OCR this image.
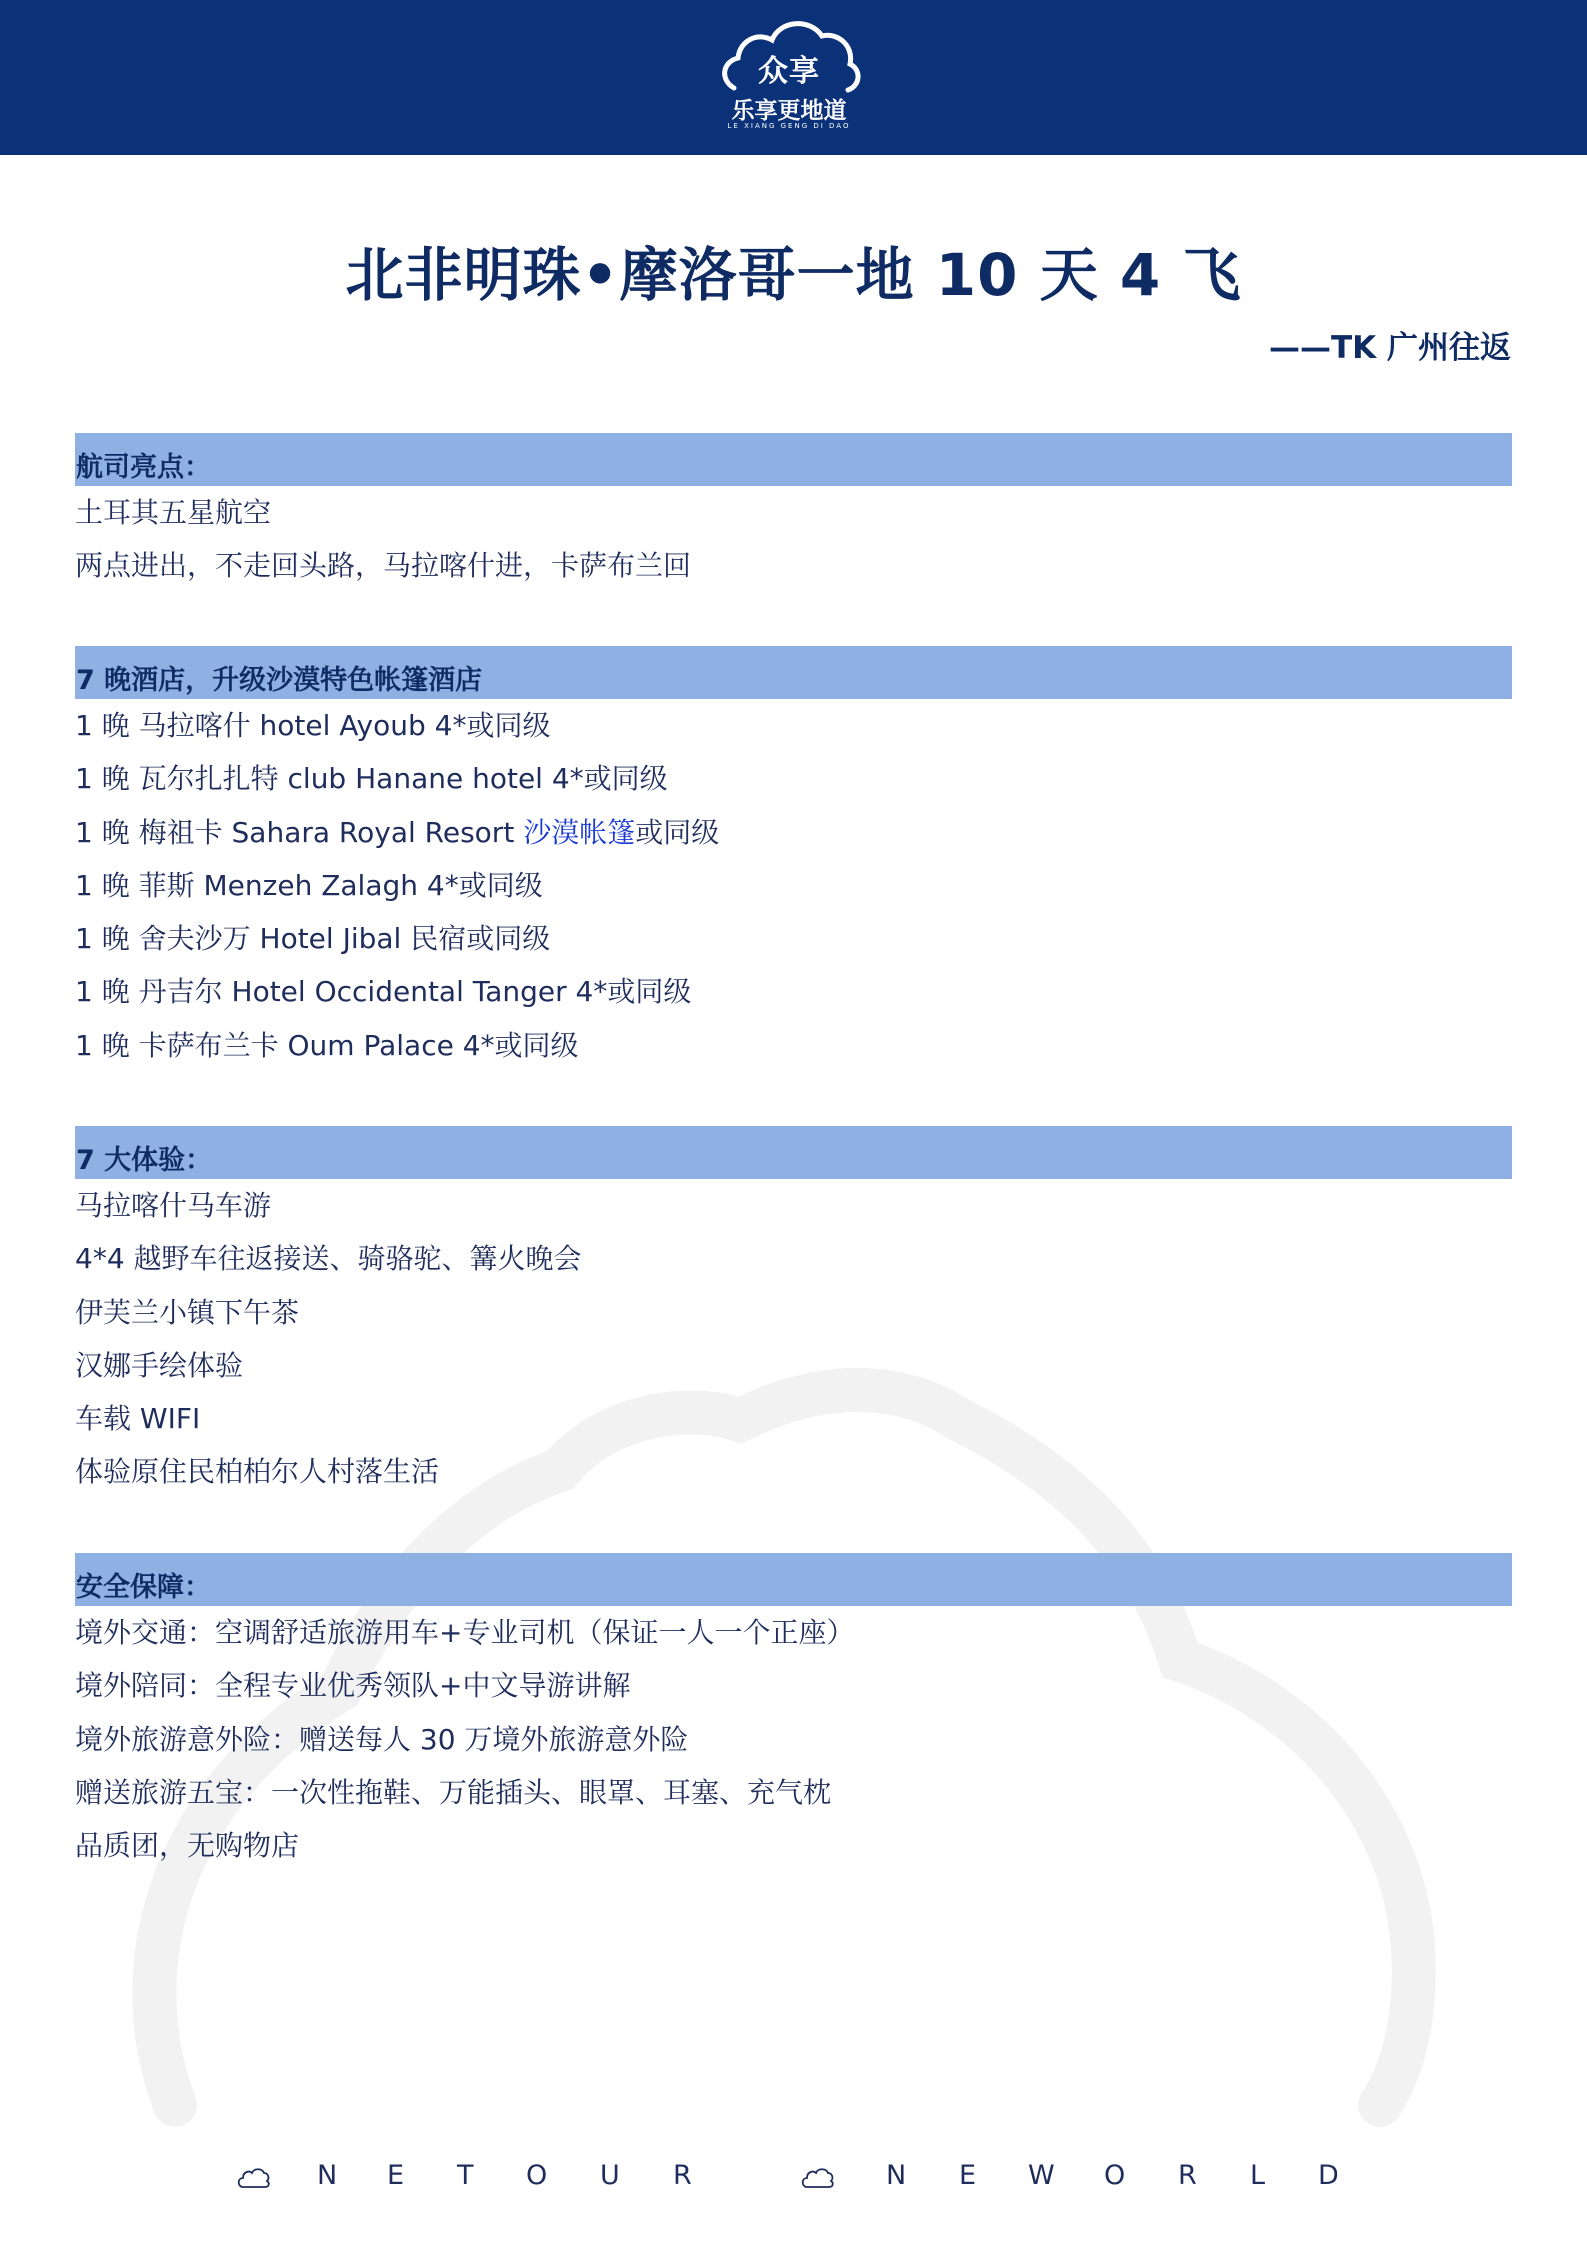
众享
乐享更地道
LE XIANG GENG DI DAO
北非明珠•摩洛哥一地 10 天 4 飞
——TK 广州往返
航司亮点：
土耳其五星航空
两点进出，不走回头路，马拉喀什进，卡萨布兰回
7 晚酒店，升级沙漠特色帐篷酒店
1 晚 马拉喀什 hotel Ayoub 4*或同级
1 晚 瓦尔扎扎特 club Hanane hotel 4*或同级
1 晚 梅祖卡 Sahara Royal Resort 沙漠帐篷或同级
1 晚 菲斯 Menzeh Zalagh 4*或同级
1 晚 舍夫沙万 Hotel Jibal 民宿或同级
1 晚 丹吉尔 Hotel Occidental Tanger 4*或同级
1 晚 卡萨布兰卡 Oum Palace 4*或同级
7 大体验：
马拉喀什马车游
4*4 越野车往返接送、骑骆驼、篝火晚会
伊芙兰小镇下午茶
汉娜手绘体验
车载 WIFI
体验原住民柏柏尔人村落生活
安全保障：
境外交通：空调舒适旅游用车+专业司机（保证一人一个正座）
境外陪同：全程专业优秀领队+中文导游讲解
境外旅游意外险：赠送每人 30 万境外旅游意外险
赠送旅游五宝：一次性拖鞋、万能插头、眼罩、耳塞、充气枕
品质团，无购物店
N E T O U R	N E W O R L D
